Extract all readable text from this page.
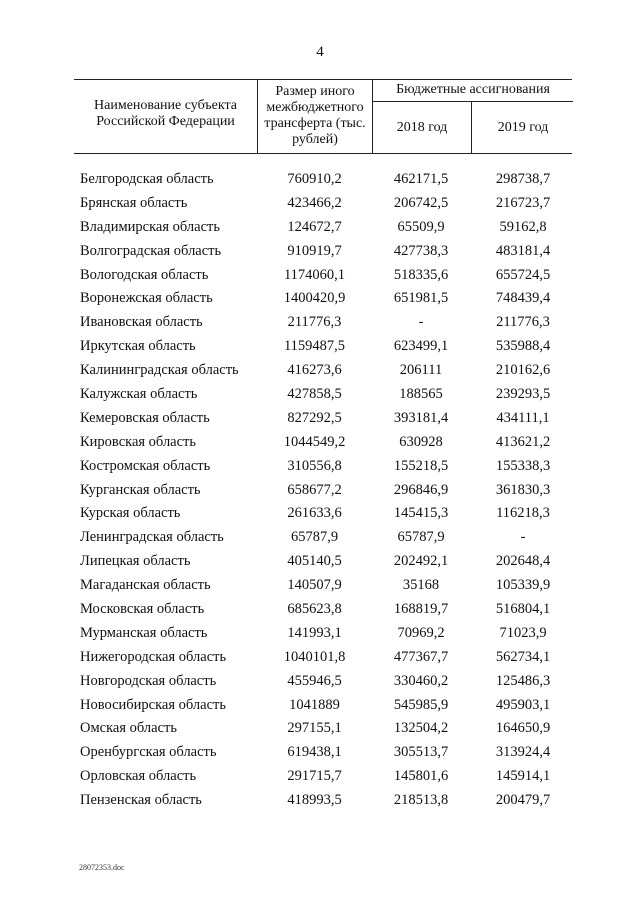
4
Наименование субъекта Российской Федерации
Размер иного межбюджетного трансферта (тыс. рублей)
Бюджетные ассигнования
2018 год	2019 год
Белгородская область	760910,2	462171,5	298738,7
Брянская область	423466,2	206742,5	216723,7
Владимирская область	124672,7	65509,9	59162,8
Волгоградская область	910919,7	427738,3	483181,4
Вологодская область	1174060,1	518335,6	655724,5
Воронежская область	1400420,9	651981,5	748439,4
Ивановская область	211776,3	-	211776,3
Иркутская область	1159487,5	623499,1	535988,4
Калининградская область	416273,6	206111	210162,6
Калужская область	427858,5	188565	239293,5
Кемеровская область	827292,5	393181,4	434111,1
Кировская область	1044549,2	630928	413621,2
Костромская область	310556,8	155218,5	155338,3
Курганская область	658677,2	296846,9	361830,3
Курская область	261633,6	145415,3	116218,3
Ленинградская область	65787,9	65787,9	-
Липецкая область	405140,5	202492,1	202648,4
Магаданская область	140507,9	35168	105339,9
Московская область	685623,8	168819,7	516804,1
Мурманская область	141993,1	70969,2	71023,9
Нижегородская область	1040101,8	477367,7	562734,1
Новгородская область	455946,5	330460,2	125486,3
Новосибирская область	1041889	545985,9	495903,1
Омская область	297155,1	132504,2	164650,9
Оренбургская область	619438,1	305513,7	313924,4
Орловская область	291715,7	145801,6	145914,1
Пензенская область	418993,5	218513,8	200479,7
28072353.doc
